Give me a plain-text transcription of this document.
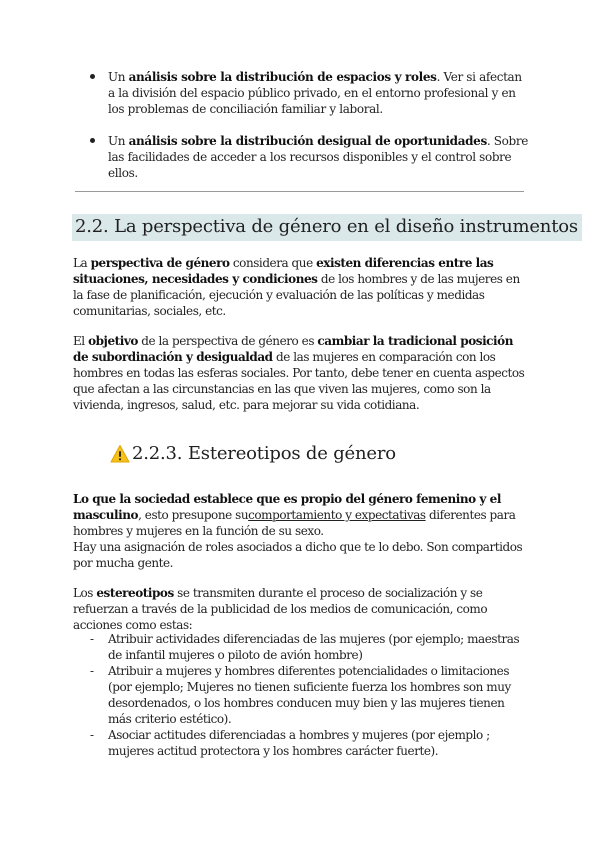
Un análisis sobre la distribución de espacios y roles. Ver si afectan a la división del espacio público privado, en el entorno profesional y en los problemas de conciliación familiar y laboral.
Un análisis sobre la distribución desigual de oportunidades. Sobre las facilidades de acceder a los recursos disponibles y el control sobre ellos.
2.2. La perspectiva de género en el diseño instrumentos

La perspectiva de género considera que existen diferencias entre las situaciones, necesidades y condiciones de los hombres y de las mujeres en la fase de planificación, ejecución y evaluación de las políticas y medidas comunitarias, sociales, etc.

El objetivo de la perspectiva de género es cambiar la tradicional posición de subordinación y desigualdad de las mujeres en comparación con los hombres en todas las esferas sociales. Por tanto, debe tener en cuenta aspectos que afectan a las circunstancias en las que viven las mujeres, como son la vivienda, ingresos, salud, etc. para mejorar su vida cotidiana.

2.2.3. Estereotipos de género

Lo que la sociedad establece que es propio del género femenino y el masculino, esto presupone sucomportamiento y expectativas diferentes para hombres y mujeres en la función de su sexo.
Hay una asignación de roles asociados a dicho que te lo debo. Son compartidos por mucha gente.

Los estereotipos se transmiten durante el proceso de socialización y se refuerzan a través de la publicidad de los medios de comunicación, como acciones como estas:

- Atribuir actividades diferenciadas de las mujeres (por ejemplo; maestras de infantil mujeres o piloto de avión hombre)
- Atribuir a mujeres y hombres diferentes potencialidades o limitaciones (por ejemplo; Mujeres no tienen suficiente fuerza los hombres son muy desordenados, o los hombres conducen muy bien y las mujeres tienen más criterio estético).
- Asociar actitudes diferenciadas a hombres y mujeres (por ejemplo ; mujeres actitud protectora y los hombres carácter fuerte).
